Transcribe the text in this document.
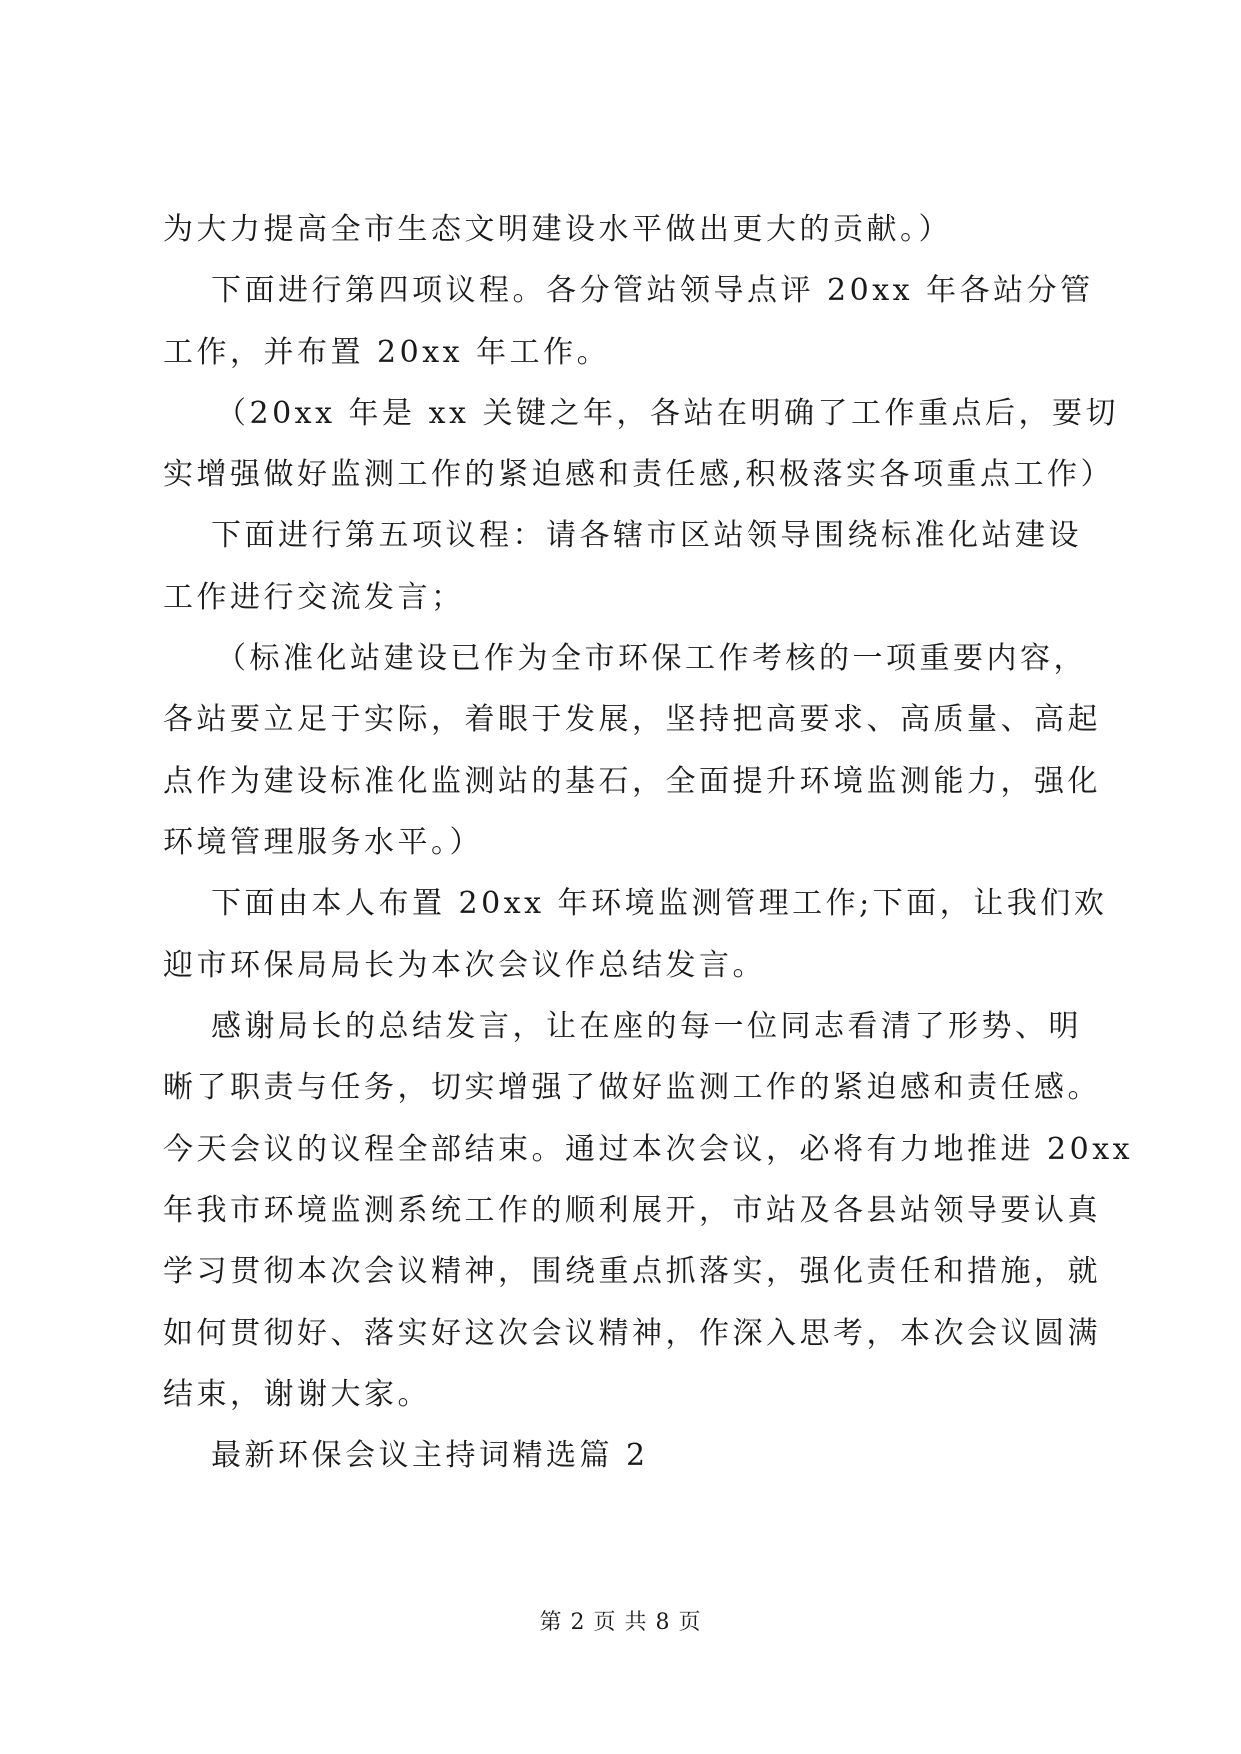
为大力提高全市生态文明建设水平做出更大的贡献。）

下面进行第四项议程。各分管站领导点评 20xx 年各站分管

工作，并布置 20xx 年工作。

（20xx 年是 xx 关键之年，各站在明确了工作重点后，要切

实增强做好监测工作的紧迫感和责任感,积极落实各项重点工作）

下面进行第五项议程：请各辖市区站领导围绕标准化站建设

工作进行交流发言；

（标准化站建设已作为全市环保工作考核的一项重要内容，

各站要立足于实际，着眼于发展，坚持把高要求、高质量、高起

点作为建设标准化监测站的基石，全面提升环境监测能力，强化

环境管理服务水平。）

下面由本人布置 20xx 年环境监测管理工作;下面，让我们欢

迎市环保局局长为本次会议作总结发言。

感谢局长的总结发言，让在座的每一位同志看清了形势、明

晰了职责与任务，切实增强了做好监测工作的紧迫感和责任感。

今天会议的议程全部结束。通过本次会议，必将有力地推进 20xx

年我市环境监测系统工作的顺利展开，市站及各县站领导要认真

学习贯彻本次会议精神，围绕重点抓落实，强化责任和措施，就

如何贯彻好、落实好这次会议精神，作深入思考，本次会议圆满

结束，谢谢大家。

最新环保会议主持词精选篇 2

第 2 页 共 8 页
